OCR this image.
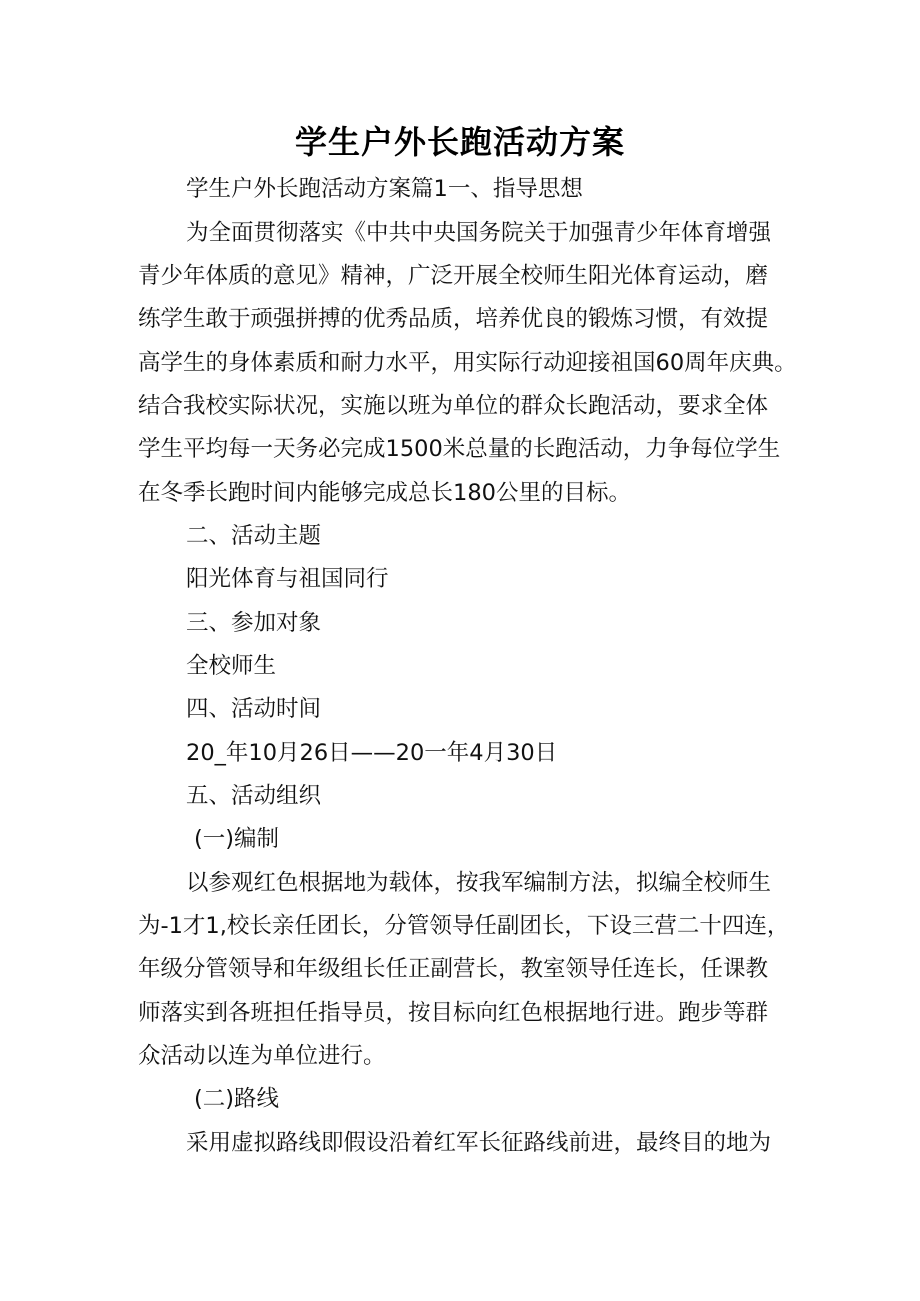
学生户外长跑活动方案
学生户外长跑活动方案篇1一、指导思想
为全面贯彻落实《中共中央国务院关于加强青少年体育增强
青少年体质的意见》精神，广泛开展全校师生阳光体育运动，磨
练学生敢于顽强拼搏的优秀品质，培养优良的锻炼习惯，有效提
高学生的身体素质和耐力水平，用实际行动迎接祖国60周年庆典。
结合我校实际状况，实施以班为单位的群众长跑活动，要求全体
学生平均每一天务必完成1500米总量的长跑活动，力争每位学生
在冬季长跑时间内能够完成总长180公里的目标。
二、活动主题
阳光体育与祖国同行
三、参加对象
全校师生
四、活动时间
20_年10月26日——20一年4月30日
五、活动组织
(一)编制
以参观红色根据地为载体，按我军编制方法，拟编全校师生
为-1才1,校长亲任团长，分管领导任副团长，下设三营二十四连，
年级分管领导和年级组长任正副营长，教室领导任连长，任课教
师落实到各班担任指导员，按目标向红色根据地行进。跑步等群
众活动以连为单位进行。
(二)路线
采用虚拟路线即假设沿着红军长征路线前进，最终目的地为
